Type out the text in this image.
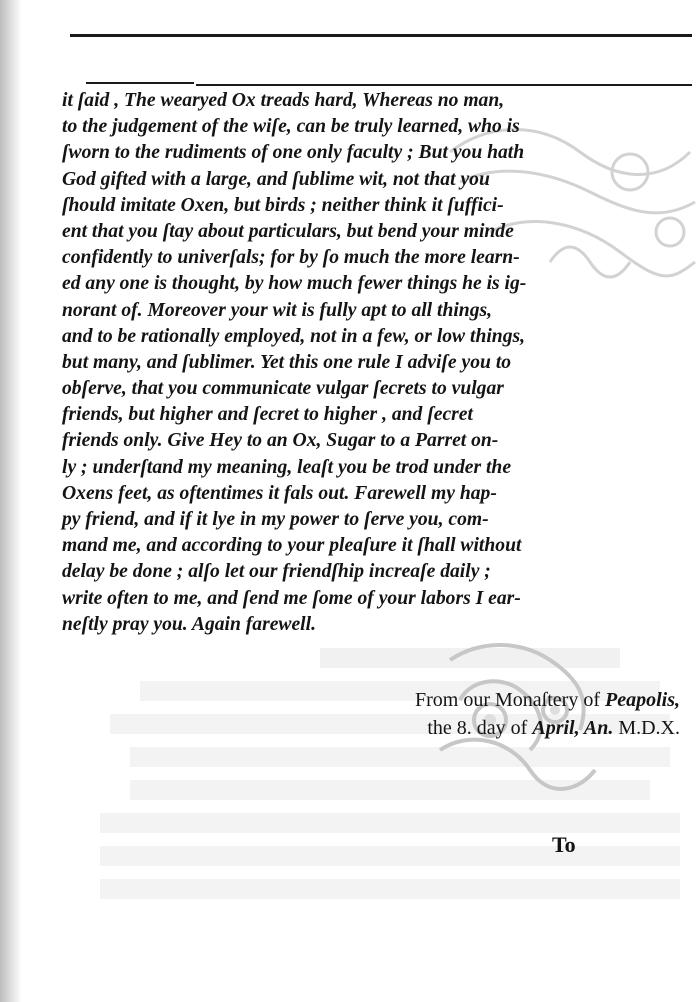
it ſaid , The wearyed Ox treads hard, Whereas no man,
to the judgement of the wiſe, can be truly learned, who is
ſworn to the rudiments of one only faculty ; But you hath
God gifted with a large, and ſublime wit, not that you
ſhould imitate Oxen, but birds ; neither think it ſuffici-
ent that you ſtay about particulars, but bend your minde
confidently to univerſals; for by ſo much the more learn-
ed any one is thought, by how much fewer things he is ig-
norant of. Moreover your wit is fully apt to all things,
and to be rationally employed, not in a few, or low things,
but many, and ſublimer. Yet this one rule I adviſe you to
obſerve, that you communicate vulgar ſecrets to vulgar
friends, but higher and ſecret to higher , and ſecret
friends only. Give Hey to an Ox, Sugar to a Parret on-
ly ; underſtand my meaning, leaſt you be trod under the
Oxens feet, as oftentimes it fals out. Farewell my hap-
py friend, and if it lye in my power to ſerve you, com-
mand me, and according to your pleaſure it ſhall without
delay be done ; alſo let our friendſhip increaſe daily ;
write often to me, and ſend me ſome of your labors I ear-
neſtly pray you. Again farewell.
From our Monaſtery of Peapolis,
the 8. day of April, An. M.D.X.
To
